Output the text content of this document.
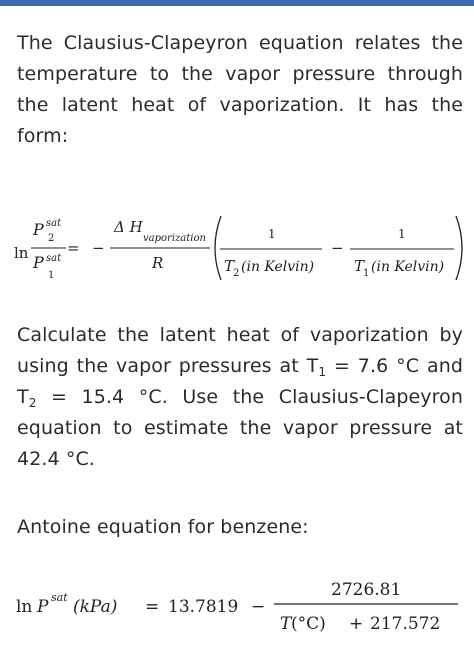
The Clausius-Clapeyron equation relates the temperature to the vapor pressure through the latent heat of vaporization. It has the form:
ln
P sat
2
P sat
1
= −
Δ H
vaporization
R
1
T
2 (in Kelvin)
−
1
T
1 (in Kelvin)
Calculate the latent heat of vaporization by using the vapor pressures at $T_1 = 7.6$ °C and $T_2 = 15.4$ °C. Use the Clausius-Clapeyron equation to estimate the vapor pressure at 42.4 °C.
Antoine equation for benzene:
ln P sat (kPa) = 13.7819 −
2726.81
T (°C) + 217.572
